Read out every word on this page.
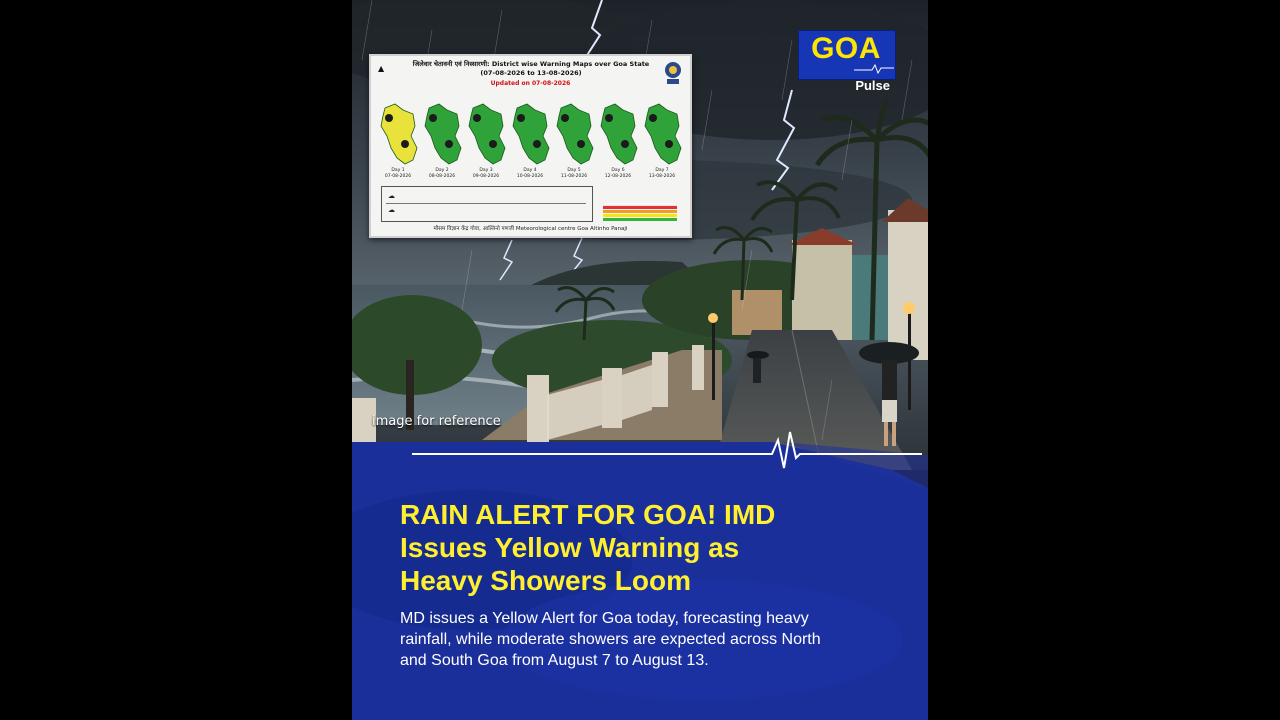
image for reference
▲	जिलेवार चेतावनी एवं निस्सारणी: District wise Warning Maps over Goa State
(07-08-2026 to 13-08-2026)
Updated on 07-08-2026
Day 1
07-08-2026
Day 2
08-08-2026
Day 3
09-08-2026
Day 4
10-08-2026
Day 5
11-08-2026
Day 6
12-08-2026
Day 7
13-08-2026
☁
☁
मौसम विज्ञान केंद्र गोवा, आल्तिनो पणजी Meteorological centre Goa Altinho Panaji
GOA
Pulse
RAIN ALERT FOR GOA! IMD
Issues Yellow Warning as
Heavy Showers Loom
MD issues a Yellow Alert for Goa today, forecasting heavy
rainfall, while moderate showers are expected across North
and South Goa from August 7 to August 13.
